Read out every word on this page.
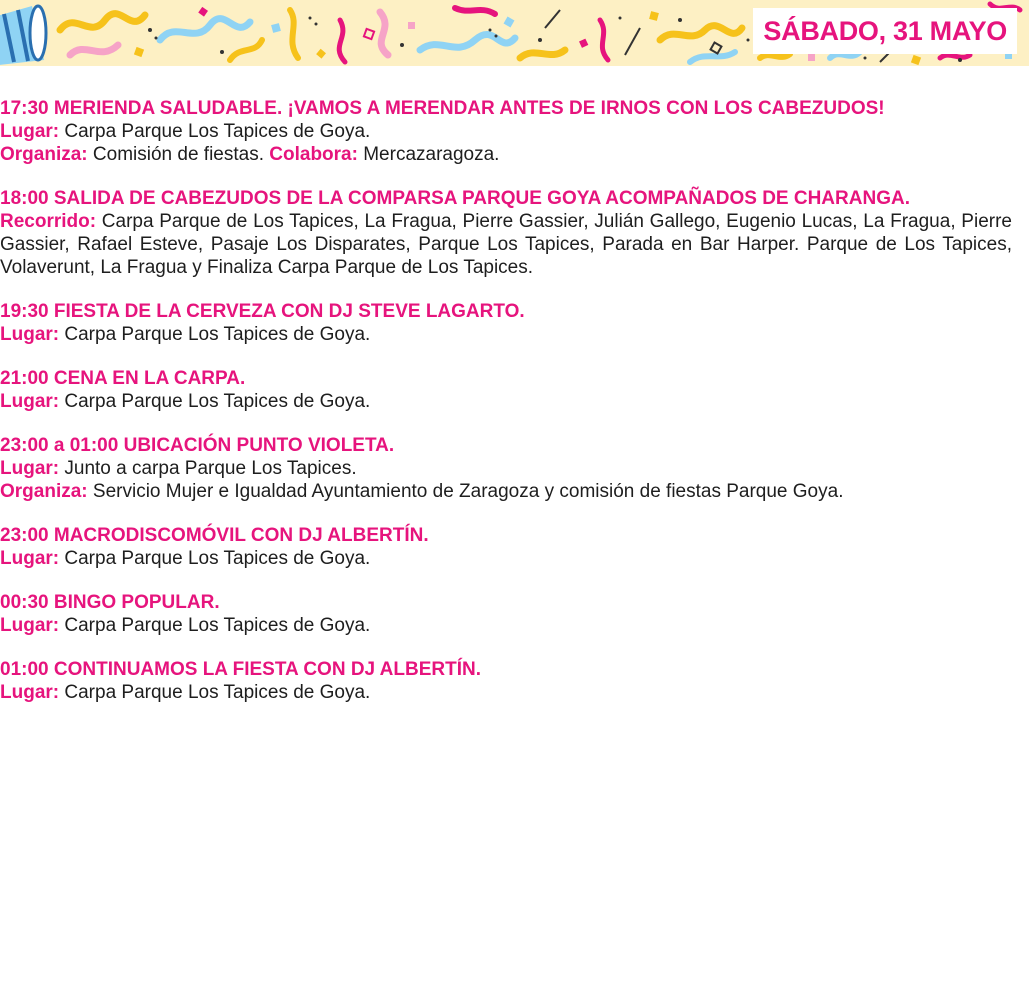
SÁBADO, 31 MAYO
17:30 MERIENDA SALUDABLE. ¡VAMOS A MERENDAR ANTES DE IRNOS CON LOS CABEZUDOS!
Lugar: Carpa Parque Los Tapices de Goya.
Organiza: Comisión de fiestas. Colabora: Mercazaragoza.
18:00 SALIDA DE CABEZUDOS DE LA COMPARSA PARQUE GOYA ACOMPAÑADOS DE CHARANGA.
Recorrido: Carpa Parque de Los Tapices, La Fragua, Pierre Gassier, Julián Gallego, Eugenio Lucas, La Fragua, Pierre Gassier, Rafael Esteve, Pasaje Los Disparates, Parque Los Tapices, Parada en Bar Harper. Parque de Los Tapices, Volaverunt, La Fragua y Finaliza Carpa Parque de Los Tapices.
19:30 FIESTA DE LA CERVEZA CON DJ STEVE LAGARTO.
Lugar: Carpa Parque Los Tapices de Goya.
21:00 CENA EN LA CARPA.
Lugar: Carpa Parque Los Tapices de Goya.
23:00 a 01:00 UBICACIÓN PUNTO VIOLETA.
Lugar: Junto a carpa Parque Los Tapices.
Organiza: Servicio Mujer e Igualdad Ayuntamiento de Zaragoza y comisión de fiestas Parque Goya.
23:00 MACRODISCOMÓVIL CON DJ ALBERTÍN.
Lugar: Carpa Parque Los Tapices de Goya.
00:30 BINGO POPULAR.
Lugar: Carpa Parque Los Tapices de Goya.
01:00 CONTINUAMOS LA FIESTA CON DJ ALBERTÍN.
Lugar: Carpa Parque Los Tapices de Goya.
